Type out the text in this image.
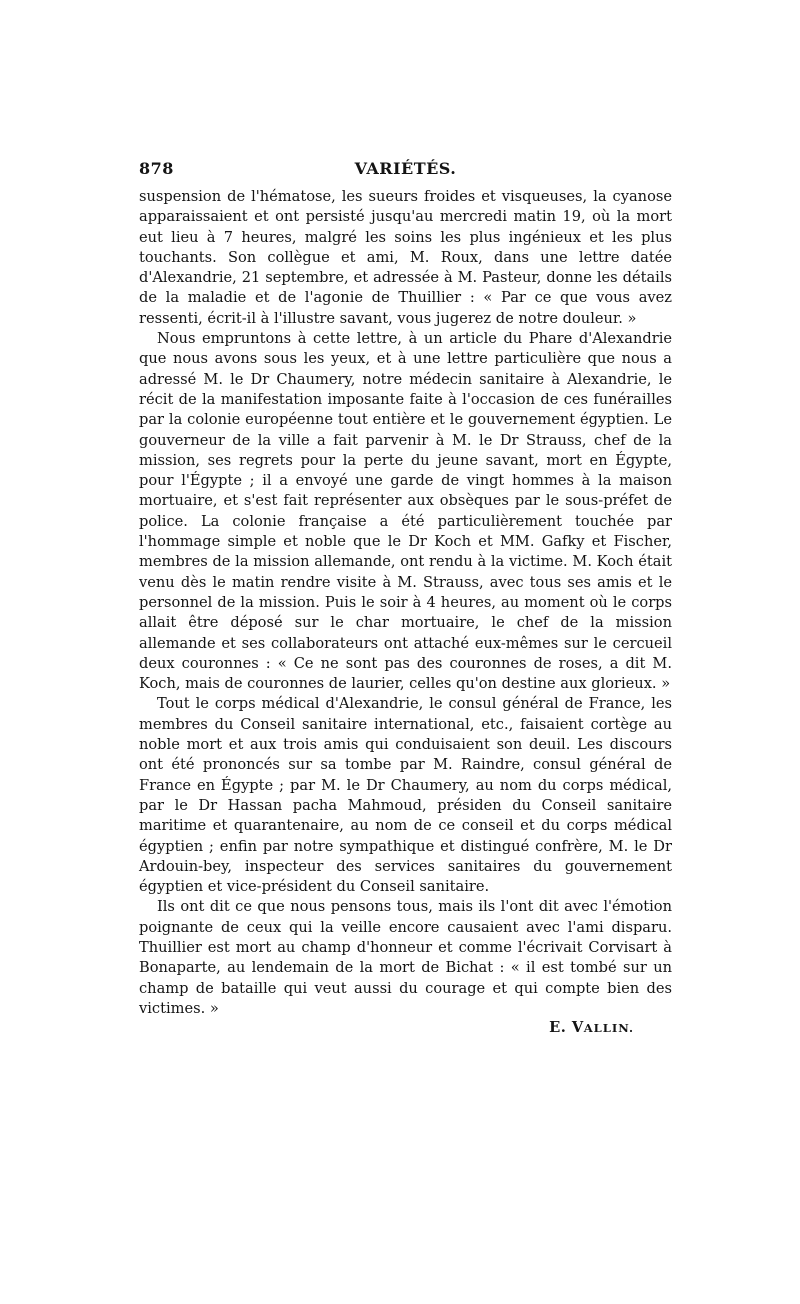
878	VARIÉTÉS.

suspension de l'hématose, les sueurs froides et visqueuses, la cyanose apparaissaient et ont persisté jusqu'au mercredi matin 19, où la mort eut lieu à 7 heures, malgré les soins les plus ingénieux et les plus touchants. Son collègue et ami, M. Roux, dans une lettre datée d'Alexandrie, 21 septembre, et adressée à M. Pasteur, donne les détails de la maladie et de l'agonie de Thuillier : « Par ce que vous avez ressenti, écrit-il à l'illustre savant, vous jugerez de notre douleur. »

Nous empruntons à cette lettre, à un article du Phare d'Alexandrie que nous avons sous les yeux, et à une lettre particulière que nous a adressé M. le Dr Chaumery, notre médecin sanitaire à Alexandrie, le récit de la manifestation imposante faite à l'occasion de ces funérailles par la colonie européenne tout entière et le gouvernement égyptien. Le gouverneur de la ville a fait parvenir à M. le Dr Strauss, chef de la mission, ses regrets pour la perte du jeune savant, mort en Égypte, pour l'Égypte ; il a envoyé une garde de vingt hommes à la maison mortuaire, et s'est fait représenter aux obsèques par le sous-préfet de police. La colonie française a été particulièrement touchée par l'hommage simple et noble que le Dr Koch et MM. Gafky et Fischer, membres de la mission allemande, ont rendu à la victime. M. Koch était venu dès le matin rendre visite à M. Strauss, avec tous ses amis et le personnel de la mission. Puis le soir à 4 heures, au moment où le corps allait être déposé sur le char mortuaire, le chef de la mission allemande et ses collaborateurs ont attaché eux-mêmes sur le cercueil deux couronnes : « Ce ne sont pas des couronnes de roses, a dit M. Koch, mais de couronnes de laurier, celles qu'on destine aux glorieux. »

Tout le corps médical d'Alexandrie, le consul général de France, les membres du Conseil sanitaire international, etc., faisaient cortège au noble mort et aux trois amis qui conduisaient son deuil. Les discours ont été prononcés sur sa tombe par M. Raindre, consul général de France en Égypte ; par M. le Dr Chaumery, au nom du corps médical, par le Dr Hassan pacha Mahmoud, présiden du Conseil sanitaire maritime et quarantenaire, au nom de ce conseil et du corps médical égyptien ; enfin par notre sympathique et distingué confrère, M. le Dr Ardouin-bey, inspecteur des services sanitaires du gouvernement égyptien et vice-président du Conseil sanitaire.

Ils ont dit ce que nous pensons tous, mais ils l'ont dit avec l'émotion poignante de ceux qui la veille encore causaient avec l'ami disparu. Thuillier est mort au champ d'honneur et comme l'écrivait Corvisart à Bonaparte, au lendemain de la mort de Bichat : « il est tombé sur un champ de bataille qui veut aussi du courage et qui compte bien des victimes. »

E. VALLIN.
